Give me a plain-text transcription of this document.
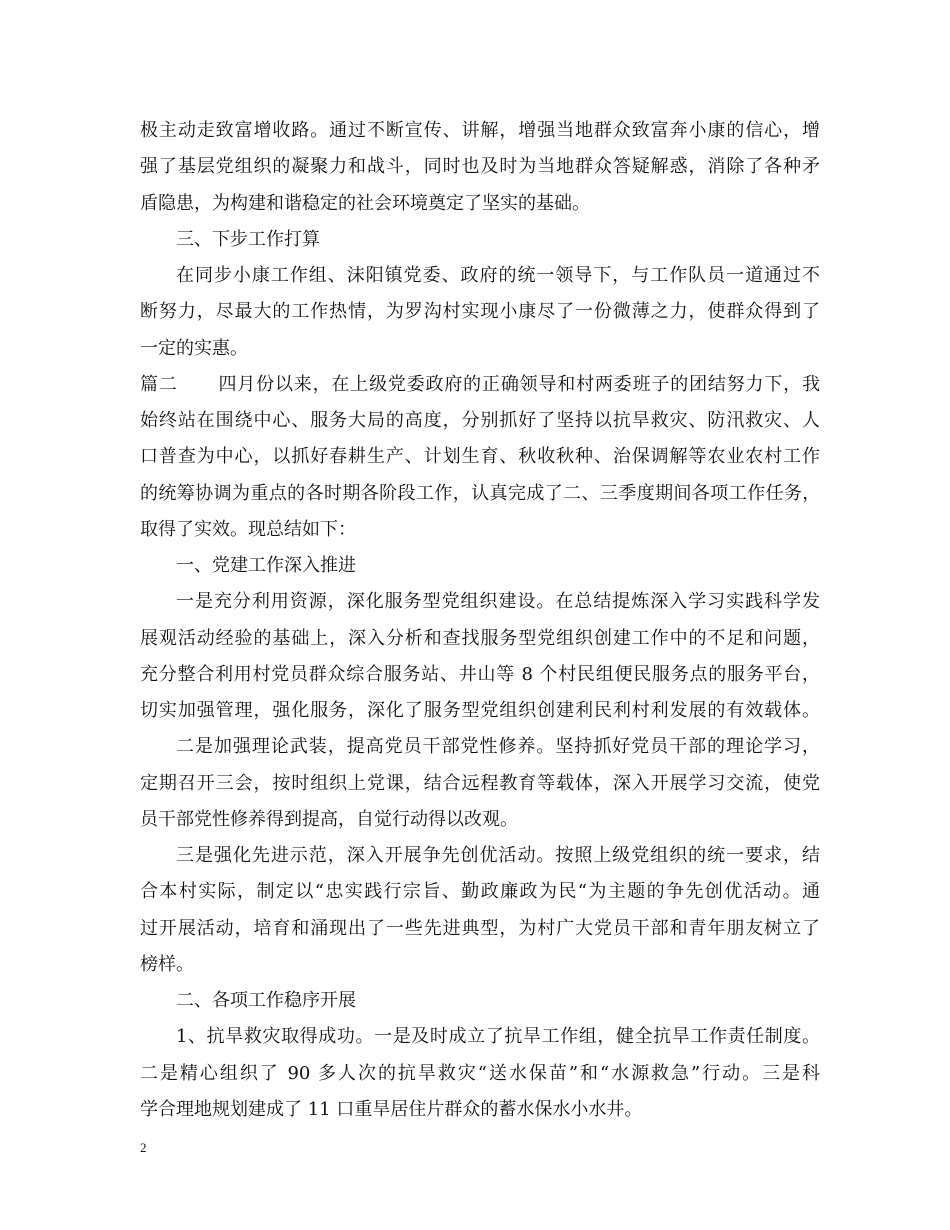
极主动走致富增收路。通过不断宣传、讲解，增强当地群众致富奔小康的信心，增
强了基层党组织的凝聚力和战斗，同时也及时为当地群众答疑解惑，消除了各种矛
盾隐患，为构建和谐稳定的社会环境奠定了坚实的基础。
三、下步工作打算
在同步小康工作组、沫阳镇党委、政府的统一领导下，与工作队员一道通过不
断努力，尽最大的工作热情，为罗沟村实现小康尽了一份微薄之力，使群众得到了
一定的实惠。
篇二 四月份以来，在上级党委政府的正确领导和村两委班子的团结努力下，我
始终站在围绕中心、服务大局的高度，分别抓好了坚持以抗旱救灾、防汛救灾、人
口普查为中心，以抓好春耕生产、计划生育、秋收秋种、治保调解等农业农村工作
的统筹协调为重点的各时期各阶段工作，认真完成了二、三季度期间各项工作任务，
取得了实效。现总结如下：
一、党建工作深入推进
一是充分利用资源，深化服务型党组织建设。在总结提炼深入学习实践科学发
展观活动经验的基础上，深入分析和查找服务型党组织创建工作中的不足和问题，
充分整合利用村党员群众综合服务站、井山等 8 个村民组便民服务点的服务平台，
切实加强管理，强化服务，深化了服务型党组织创建利民利村利发展的有效载体。
二是加强理论武装，提高党员干部党性修养。坚持抓好党员干部的理论学习，
定期召开三会，按时组织上党课，结合远程教育等载体，深入开展学习交流，使党
员干部党性修养得到提高，自觉行动得以改观。
三是强化先进示范，深入开展争先创优活动。按照上级党组织的统一要求，结
合本村实际，制定以“忠实践行宗旨、勤政廉政为民“为主题的争先创优活动。通
过开展活动，培育和涌现出了一些先进典型，为村广大党员干部和青年朋友树立了
榜样。
二、各项工作稳序开展
1、抗旱救灾取得成功。一是及时成立了抗旱工作组，健全抗旱工作责任制度。
二是精心组织了 90 多人次的抗旱救灾“送水保苗”和“水源救急”行动。三是科
学合理地规划建成了 11 口重旱居住片群众的蓄水保水小水井。
2
